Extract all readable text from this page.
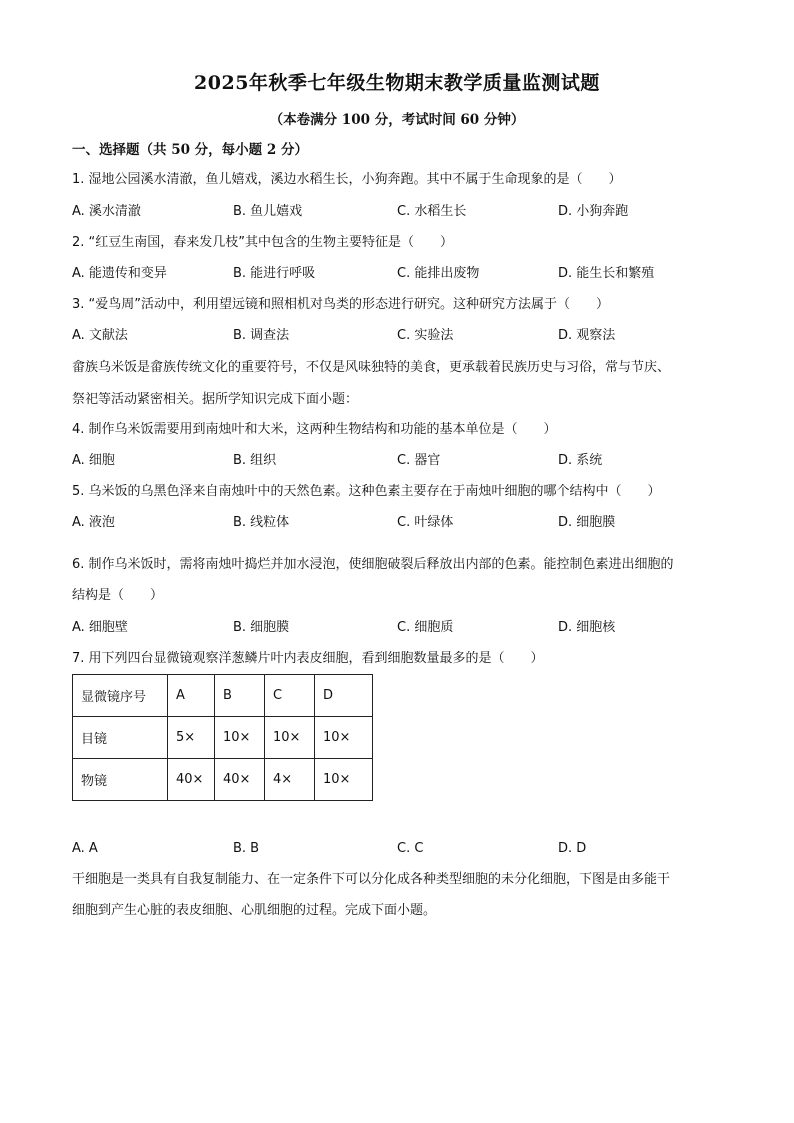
2025年秋季七年级生物期末教学质量监测试题
（本卷满分 100 分，考试时间 60 分钟）
一、选择题（共 50 分，每小题 2 分）
1. 湿地公园溪水清澈，鱼儿嬉戏，溪边水稻生长，小狗奔跑。其中不属于生命现象的是（　　）
A. 溪水清澈	B. 鱼儿嬉戏	C. 水稻生长	D. 小狗奔跑
2. “红豆生南国，春来发几枝”其中包含的生物主要特征是（　　）
A. 能遗传和变异	B. 能进行呼吸	C. 能排出废物	D. 能生长和繁殖
3. “爱鸟周”活动中，利用望远镜和照相机对鸟类的形态进行研究。这种研究方法属于（　　）
A. 文献法	B. 调查法	C. 实验法	D. 观察法
畲族乌米饭是畲族传统文化的重要符号，不仅是风味独特的美食，更承载着民族历史与习俗，常与节庆、
祭祀等活动紧密相关。据所学知识完成下面小题：
4. 制作乌米饭需要用到南烛叶和大米，这两种生物结构和功能的基本单位是（　　）
A. 细胞	B. 组织	C. 器官	D. 系统
5. 乌米饭的乌黑色泽来自南烛叶中的天然色素。这种色素主要存在于南烛叶细胞的哪个结构中（　　）
A. 液泡	B. 线粒体	C. 叶绿体	D. 细胞膜
6. 制作乌米饭时，需将南烛叶捣烂并加水浸泡，使细胞破裂后释放出内部的色素。能控制色素进出细胞的
结构是（　　）
A. 细胞壁	B. 细胞膜	C. 细胞质	D. 细胞核
7. 用下列四台显微镜观察洋葱鳞片叶内表皮细胞，看到细胞数量最多的是（　　）
显微镜序号	A	B	C	D
目镜	5×	10×	10×	10×
物镜	40×	40×	4×	10×
A. A	B. B	C. C	D. D
干细胞是一类具有自我复制能力、在一定条件下可以分化成各种类型细胞的未分化细胞，下图是由多能干
细胞到产生心脏的表皮细胞、心肌细胞的过程。完成下面小题。
